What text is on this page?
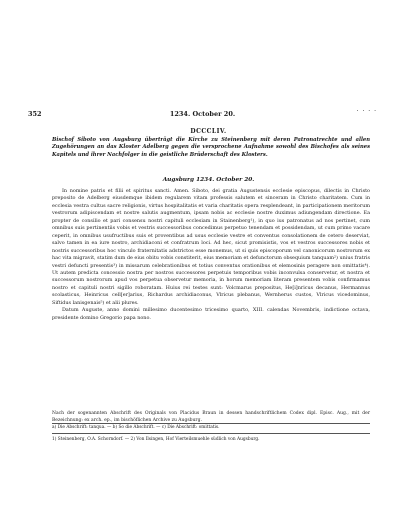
352	1234. October 20.	· · · ·
DCCCLIV.
Bischof Siboto von Augsburg überträgt die Kirche zu Steinenberg mit deren Patronatrechte und allen Zugehörungen an das Kloster Adelberg gegen die versprochene Aufnahme sowohl des Bischofes als seines Kapitels und ihrer Nachfolger in die geistliche Brüderschaft des Klosters.
Augsburg 1234. October 20.

In nomine patris et filii et spiritus sancti. Amen. Siboto, dei gratia Augustensis ecclesie episcopus, dilectis in Christo preposito de Adelberg eiusdemque ibidem regularem vitam professis salutem et sinceram in Christo charitatem. Cum in ecclesia vestra cultus sacre religionis, virtus hospitalitatis et varia charitatis opera resplendeant, in participationem meritorum vestrorum adipiscendam et nostre salutis augmentum, ipsam nobis ac ecclesie nostre duximus adiungendam directione. Ea propter de consilio et pari consensu nostri capituli ecclesiam in Stainenberg¹), in quo ius patronatus ad nos pertinet, cum omnibus suis pertinentiis vobis et vestris successoribus concedimus perpetuo tenendam et possidendam, ut cum primo vacare ceperit, in omnibus usufructibus suis et proventibus ad usus ecclesie vestre et conventus consolationem de cetero deserviat, salvo tamen in ea iure nostro, archidiaconi et confratrum loci. Ad hec, sicut promisistis, vos et vestros successores nobis et nostris successoribus hoc vinculo fraternitatis adstrictos esse monemus, ut si quis episcoporum vel canonicorum nostrorum ex hac vita migravit, statim dum de eius obitu vobis constiterit, eius memoriam et defunctorum obsequium tanquam²) unius fratris vestri defuncti presentis³) in missarum celebrationibus et totius conventus orationibus et elemosinis peragere non omittatis⁴). Ut autem predicta concessio nostra per nostros successores perpetuis temporibus vobis inconvulsa conservetur, et nostra et successorum nostrorum apud vos perpetua observetur memoria, in horum memoriam literam presentem vobis confirmamus nostro et capituli nostri sigillo roboratam. Huius rei testes sunt: Volcmarus prepositus, He[i]nricus decanus, Hermannus scolasticus, Heinricus cell[er]arius, Richardus archidiaconus, Vlricus plebanus, Wernherus custos, Vlricus vicedominus, Siftidus lanisgenais⁵) et alii plures.

Datum Auguste, anno domini millesimo ducentesimo tricesimo quarto, XIII. calendas Novembris, indictione octava, presidente domino Gregorio papa nono.

Nach der sogenannten Abschrift des Originals von Placidus Braun in dessen handschriftlichem Codex dipl. Episc. Aug., mit der Bezeichnung: ex arch. ep., im bischöflichen Archive zu Augsburg.
a) Die Abschrift: tanqua. — b) So die Abschrift. — c) Die Abschrift: omittatis.
1) Steinenberg, O.A. Schorndorf. — 2) Von Ilsingen, Hof Vierteilsmuehle südlich von Augsburg.
